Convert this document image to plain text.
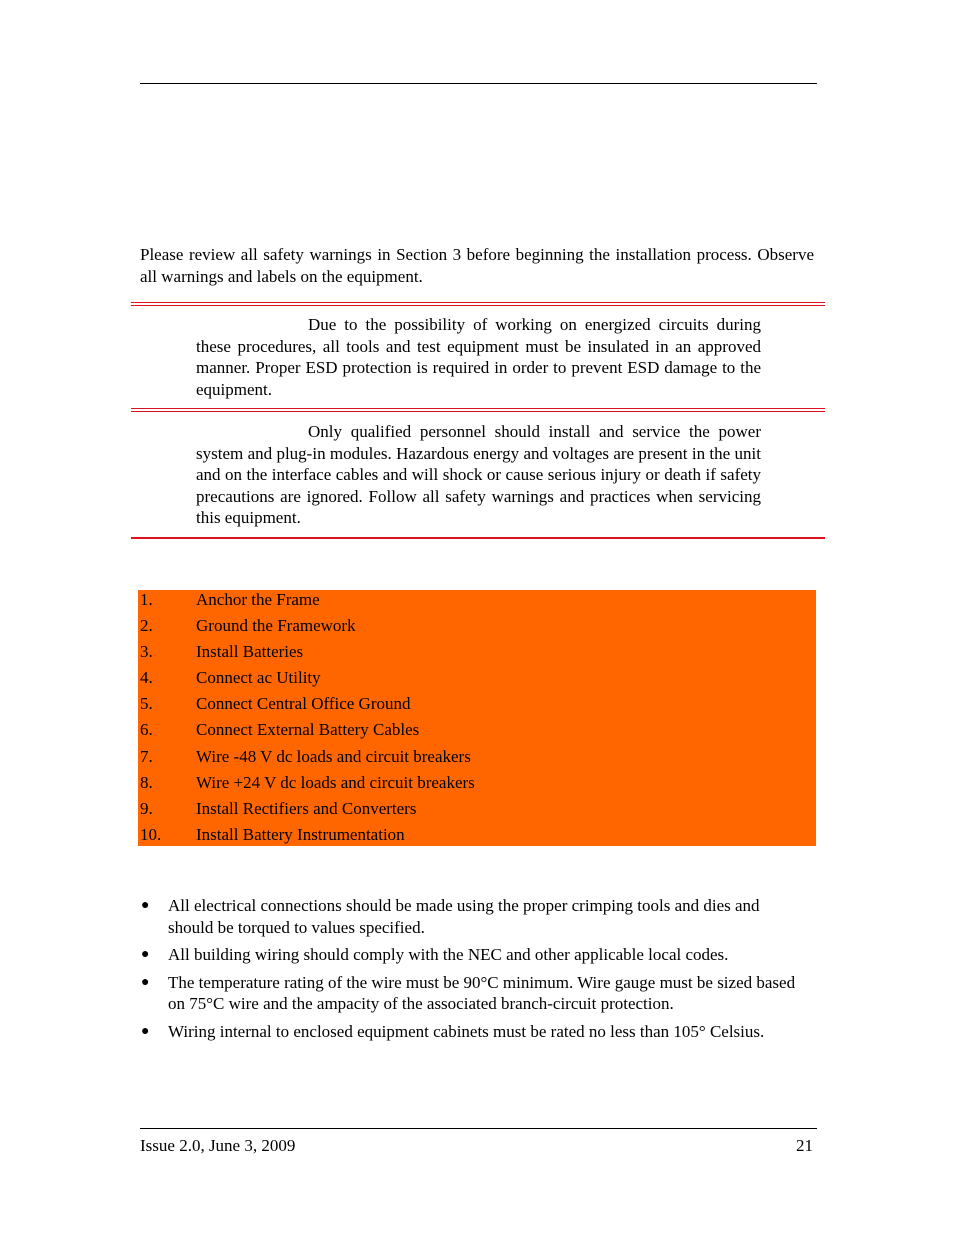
Please review all safety warnings in Section 3 before beginning the installation process. Observe all warnings and labels on the equipment.

Due to the possibility of working on energized circuits during these procedures, all tools and test equipment must be insulated in an approved manner. Proper ESD protection is required in order to prevent ESD damage to the equipment.
Only qualified personnel should install and service the power system and plug-in modules. Hazardous energy and voltages are present in the unit and on the interface cables and will shock or cause serious injury or death if safety precautions are ignored. Follow all safety warnings and practices when servicing this equipment.
1.	Anchor the Frame
2.	Ground the Framework
3.	Install Batteries
4.	Connect ac Utility
5.	Connect Central Office Ground
6.	Connect External Battery Cables
7.	Wire -48 V dc loads and circuit breakers
8.	Wire +24 V dc loads and circuit breakers
9.	Install Rectifiers and Converters
10. Install Battery Instrumentation
● All electrical connections should be made using the proper crimping tools and dies and should be torqued to values specified.
● All building wiring should comply with the NEC and other applicable local codes.
● The temperature rating of the wire must be 90°C minimum. Wire gauge must be sized based on 75°C wire and the ampacity of the associated branch-circuit protection.
● Wiring internal to enclosed equipment cabinets must be rated no less than 105° Celsius.
Issue 2.0, June 3, 2009	21
